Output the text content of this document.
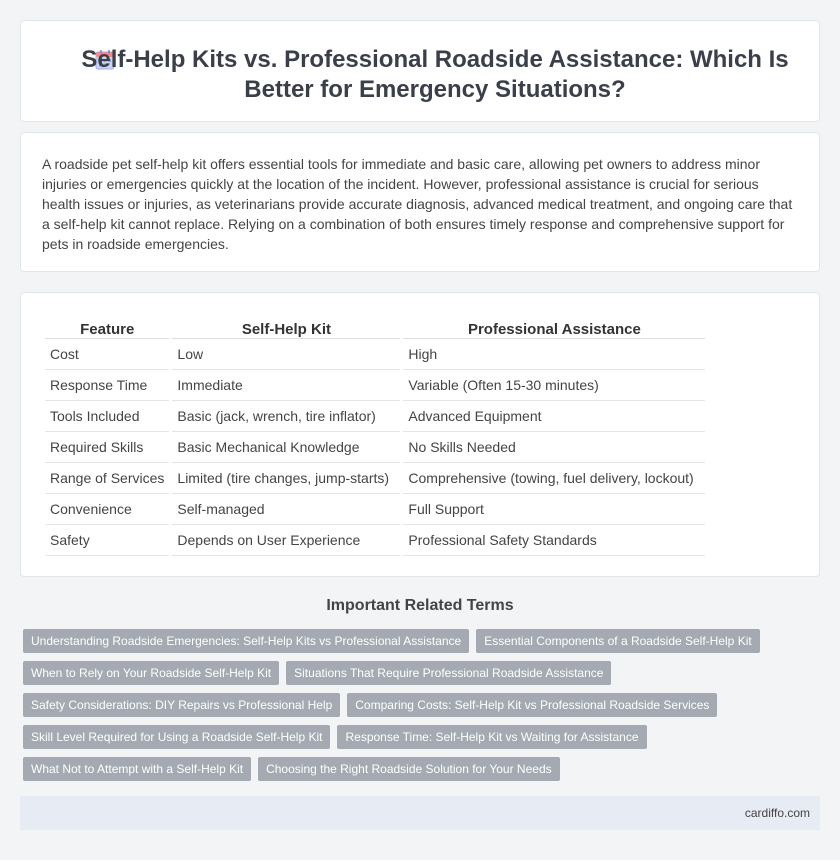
Self-Help Kits vs. Professional Roadside Assistance: Which Is Better for Emergency Situations?

A roadside pet self-help kit offers essential tools for immediate and basic care, allowing pet owners to address minor injuries or emergencies quickly at the location of the incident. However, professional assistance is crucial for serious health issues or injuries, as veterinarians provide accurate diagnosis, advanced medical treatment, and ongoing care that a self-help kit cannot replace. Relying on a combination of both ensures timely response and comprehensive support for pets in roadside emergencies.

Feature	Self-Help Kit	Professional Assistance
Cost	Low	High
Response Time	Immediate	Variable (Often 15-30 minutes)
Tools Included	Basic (jack, wrench, tire inflator)	Advanced Equipment
Required Skills	Basic Mechanical Knowledge	No Skills Needed
Range of Services	Limited (tire changes, jump-starts)	Comprehensive (towing, fuel delivery, lockout)
Convenience	Self-managed	Full Support
Safety	Depends on User Experience	Professional Safety Standards
Important Related Terms
Understanding Roadside Emergencies: Self-Help Kits vs Professional Assistance	Essential Components of a Roadside Self-Help Kit
When to Rely on Your Roadside Self-Help Kit	Situations That Require Professional Roadside Assistance
Safety Considerations: DIY Repairs vs Professional Help	Comparing Costs: Self-Help Kit vs Professional Roadside Services
Skill Level Required for Using a Roadside Self-Help Kit	Response Time: Self-Help Kit vs Waiting for Assistance
What Not to Attempt with a Self-Help Kit	Choosing the Right Roadside Solution for Your Needs
cardiffo.com
